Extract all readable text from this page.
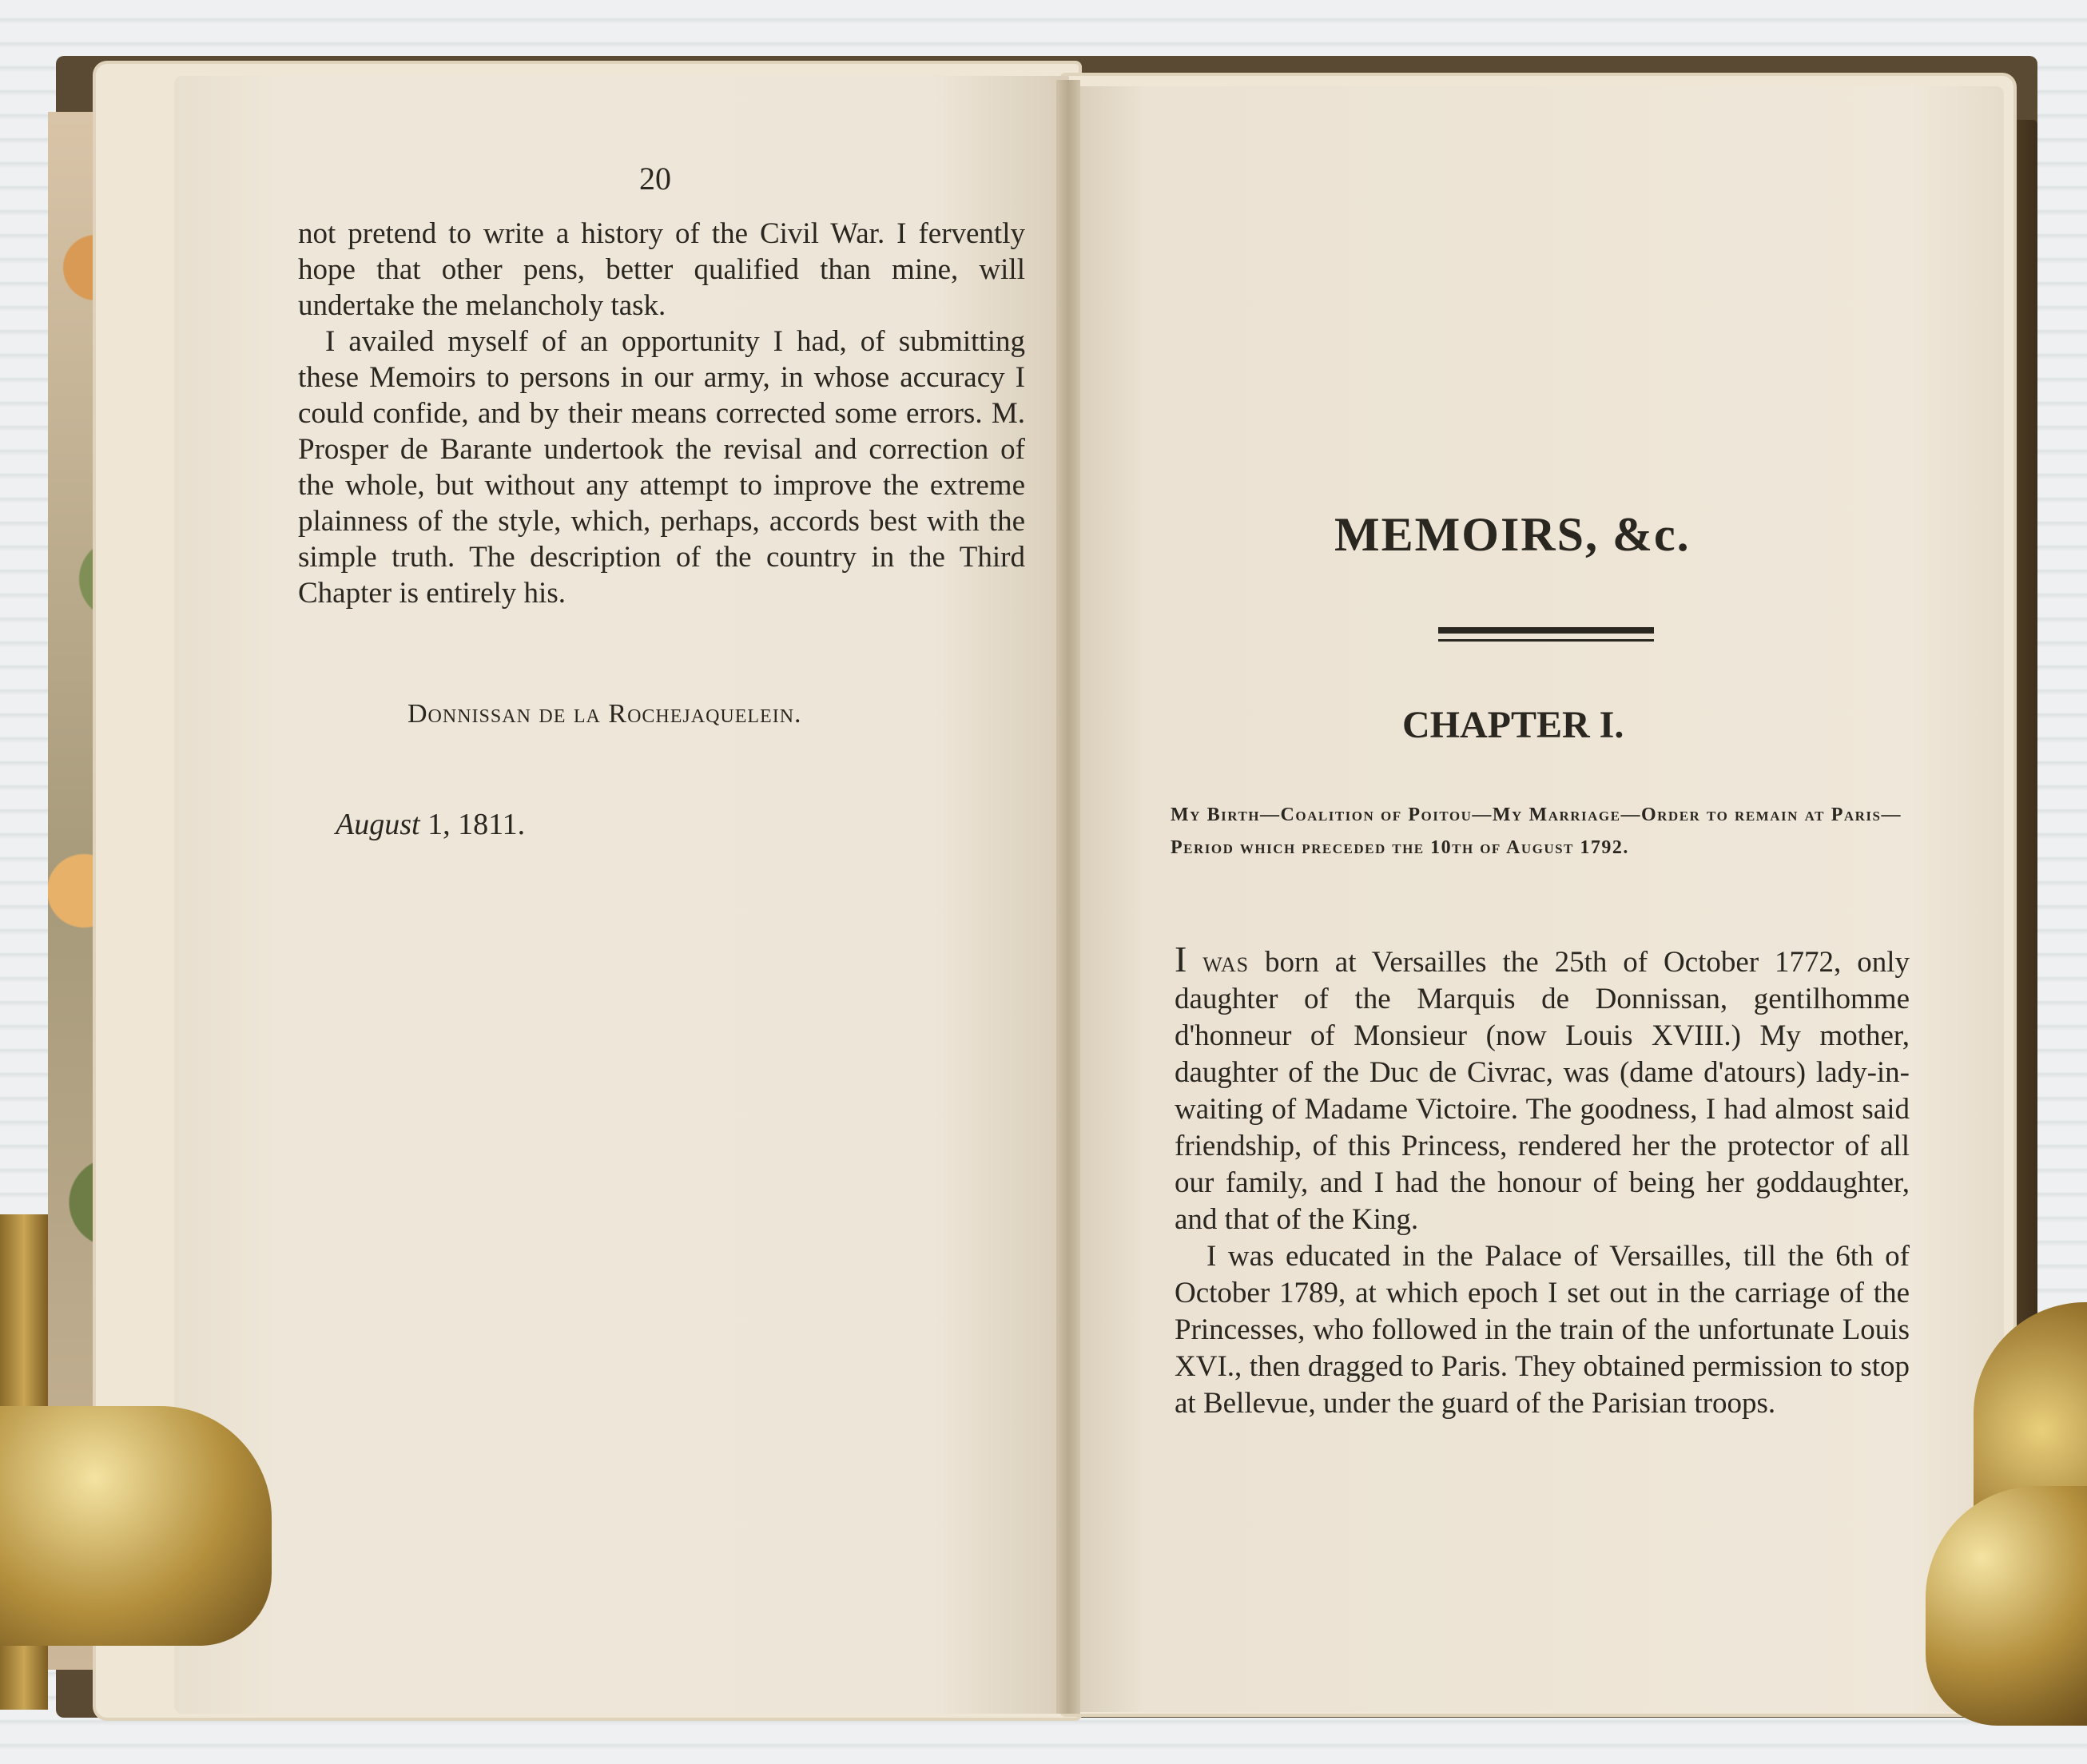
20

not pretend to write a history of the Civil War. I fervently hope that other pens, better qualified than mine, will undertake the melancholy task.

I availed myself of an opportunity I had, of submitting these Memoirs to persons in our army, in whose accuracy I could confide, and by their means corrected some errors. M. Prosper de Barante undertook the revisal and correction of the whole, but without any attempt to improve the extreme plainness of the style, which, perhaps, accords best with the simple truth. The description of the country in the Third Chapter is entirely his.

Donnissan de la Rochejaquelein.
August 1, 1811.
MEMOIRS, &c.
CHAPTER I.
My Birth—Coalition of Poitou—My Marriage—Order to remain at Paris—Period which preceded the 10th of August 1792.

I was born at Versailles the 25th of October 1772, only daughter of the Marquis de Donnissan, gentilhomme d'honneur of Monsieur (now Louis XVIII.) My mother, daughter of the Duc de Civrac, was (dame d'atours) lady-in-waiting of Madame Victoire. The goodness, I had almost said friendship, of this Princess, rendered her the protector of all our family, and I had the honour of being her goddaughter, and that of the King.

I was educated in the Palace of Versailles, till the 6th of October 1789, at which epoch I set out in the carriage of the Princesses, who followed in the train of the unfortunate Louis XVI., then dragged to Paris. They obtained permission to stop at Bellevue, under the guard of the Parisian troops.
